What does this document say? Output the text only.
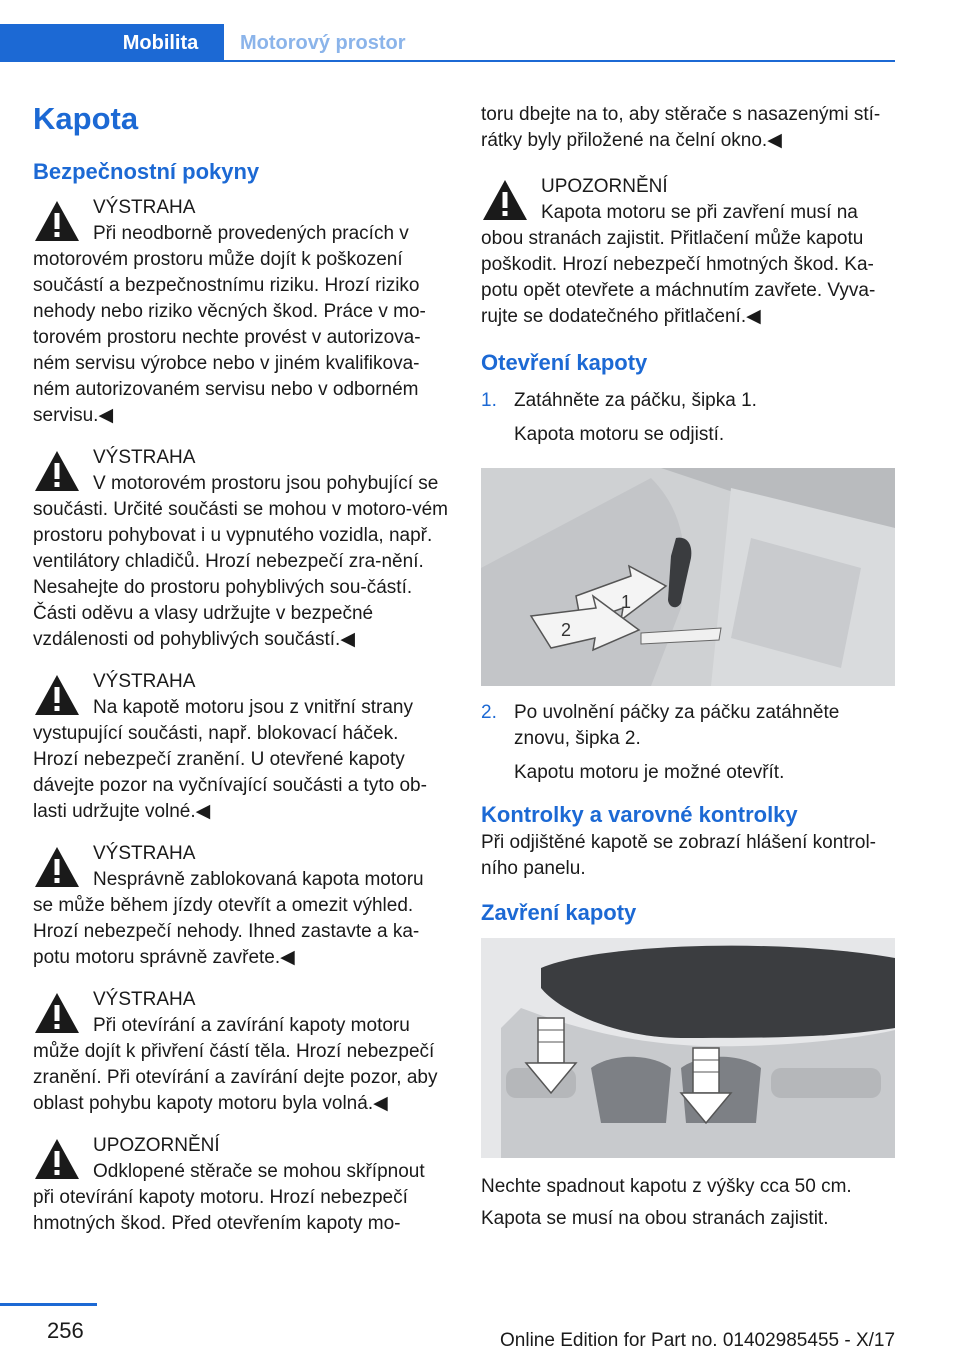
Mobilita	Motorový prostor
Kapota
Bezpečnostní pokyny
VÝSTRAHA
Při neodborně provedených pracích v

motorovém prostoru může dojít k poškození součástí a bezpečnostnímu riziku. Hrozí riziko nehody nebo riziko věcných škod. Práce v mo-torovém prostoru nechte provést v autorizova-ném servisu výrobce nebo v jiném kvalifikova-ném autorizovaném servisu nebo v odborném servisu.◀

VÝSTRAHA
V motorovém prostoru jsou pohybující se

součásti. Určité součásti se mohou v motoro-vém prostoru pohybovat i u vypnutého vozidla, např. ventilátory chladičů. Hrozí nebezpečí zra-nění. Nesahejte do prostoru pohyblivých sou-částí. Části oděvu a vlasy udržujte v bezpečné vzdálenosti od pohyblivých součástí.◀

VÝSTRAHA
Na kapotě motoru jsou z vnitřní strany

vystupující součásti, např. blokovací háček. Hrozí nebezpečí zranění. U otevřené kapoty dávejte pozor na vyčnívající součásti a tyto ob-lasti udržujte volné.◀

VÝSTRAHA
Nesprávně zablokovaná kapota motoru

se může během jízdy otevřít a omezit výhled. Hrozí nebezpečí nehody. Ihned zastavte a ka-potu motoru správně zavřete.◀

VÝSTRAHA
Při otevírání a zavírání kapoty motoru

může dojít k přivření částí těla. Hrozí nebezpečí zranění. Při otevírání a zavírání dejte pozor, aby oblast pohybu kapoty motoru byla volná.◀

UPOZORNĚNÍ
Odklopené stěrače se mohou skřípnout

při otevírání kapoty motoru. Hrozí nebezpečí hmotných škod. Před otevřením kapoty mo-

toru dbejte na to, aby stěrače s nasazenými stí-rátky byly přiložené na čelní okno.◀

UPOZORNĚNÍ
Kapota motoru se při zavření musí na

obou stranách zajistit. Přitlačení může kapotu poškodit. Hrozí nebezpečí hmotných škod. Ka-potu opět otevřete a máchnutím zavřete. Vyva-rujte se dodatečného přitlačení.◀

Otevření kapoty
1. Zatáhněte za páčku, šipka 1.
Kapota motoru se odjistí.
1
2
2. Po uvolnění páčky za páčku zatáhněte znovu, šipka 2.
Kapotu motoru je možné otevřít.
Kontrolky a varovné kontrolky

Při odjištěné kapotě se zobrazí hlášení kontrol-ního panelu.

Zavření kapoty

Nechte spadnout kapotu z výšky cca 50 cm.

Kapota se musí na obou stranách zajistit.

256	Online Edition for Part no. 01402985455 - X/17
